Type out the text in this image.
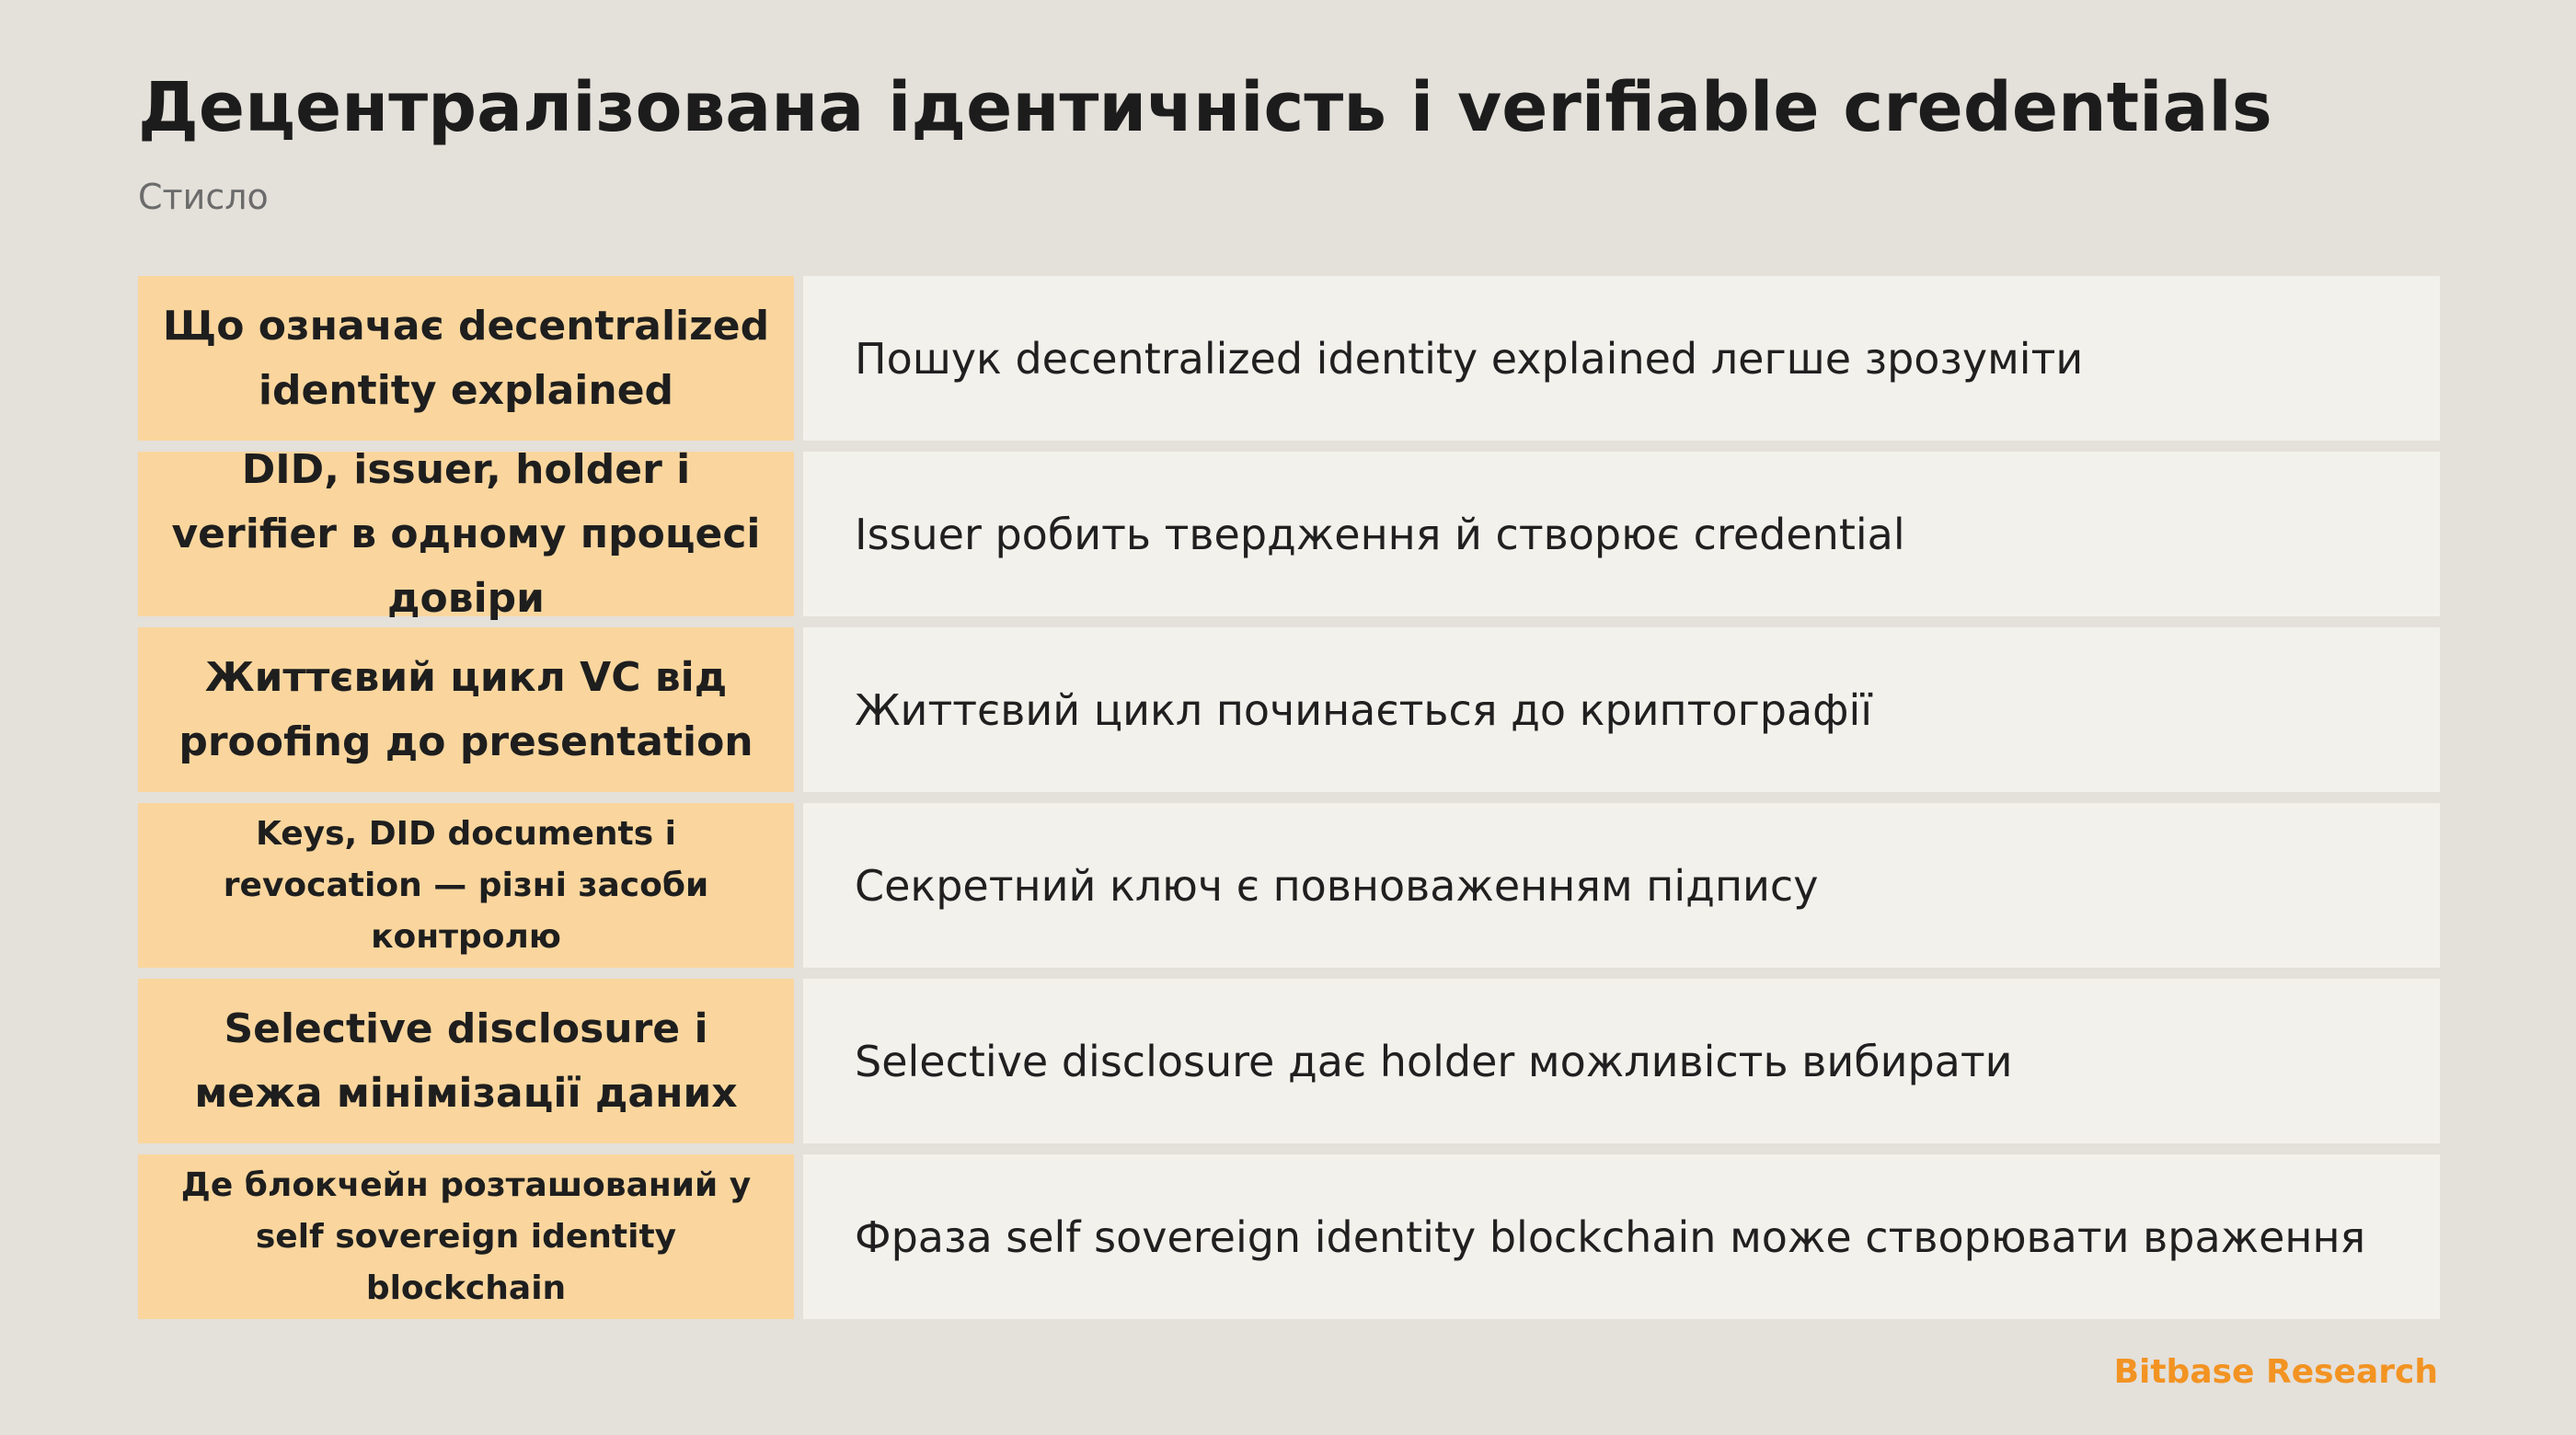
Децентралізована ідентичність і verifiable credentials

Стисло

Що означає decentralized identity explained
Пошук decentralized identity explained легше зрозуміти
DID, issuer, holder і verifier в одному процесі довіри
Issuer робить твердження й створює credential
Життєвий цикл VC від proofing до presentation
Життєвий цикл починається до криптографії
Keys, DID documents і revocation — різні засоби контролю
Секретний ключ є повноваженням підпису
Selective disclosure і межа мінімізації даних
Selective disclosure дає holder можливість вибирати
Де блокчейн розташований у self sovereign identity blockchain
Фраза self sovereign identity blockchain може створювати враження

Bitbase Research
